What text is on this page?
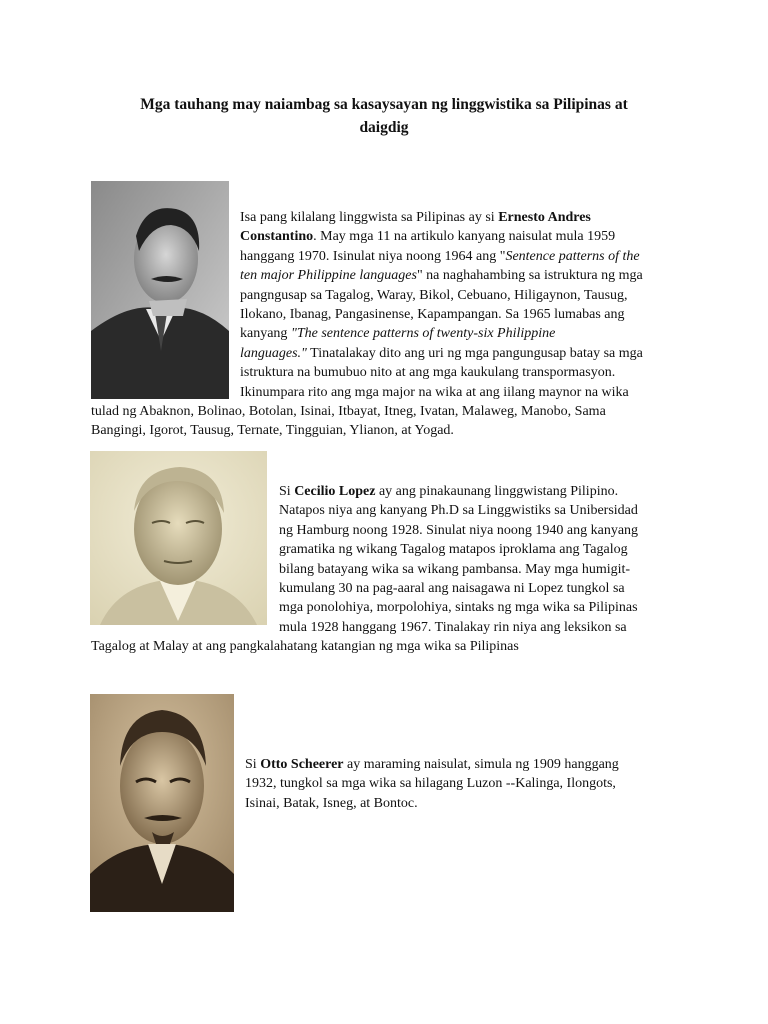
Mga tauhang may naiambag sa kasaysayan ng linggwistika sa Pilipinas at
daigdig
Isa pang kilalang linggwista sa Pilipinas ay si Ernesto Andres
Constantino. May mga 11 na artikulo kanyang naisulat mula 1959
hanggang 1970. Isinulat niya noong 1964 ang "Sentence patterns of the
ten major Philippine languages" na naghahambing sa istruktura ng mga
pangngusap sa Tagalog, Waray, Bikol, Cebuano, Hiligaynon, Tausug,
Ilokano, Ibanag, Pangasinense, Kapampangan. Sa 1965 lumabas ang
kanyang "The sentence patterns of twenty-six Philippine
languages." Tinatalakay dito ang uri ng mga pangungusap batay sa mga
istruktura na bumubuo nito at ang mga kaukulang transpormasyon.
Ikinumpara rito ang mga major na wika at ang iilang maynor na wika
tulad ng Abaknon, Bolinao, Botolan, Isinai, Itbayat, Itneg, Ivatan, Malaweg, Manobo, Sama
Bangingi, Igorot, Tausug, Ternate, Tingguian, Ylianon, at Yogad.
Si Cecilio Lopez ay ang pinakaunang linggwistang Pilipino.
Natapos niya ang kanyang Ph.D sa Linggwistiks sa Unibersidad
ng Hamburg noong 1928. Sinulat niya noong 1940 ang kanyang
gramatika ng wikang Tagalog matapos iproklama ang Tagalog
bilang batayang wika sa wikang pambansa. May mga humigit-
kumulang 30 na pag-aaral ang naisagawa ni Lopez tungkol sa
mga ponolohiya, morpolohiya, sintaks ng mga wika sa Pilipinas
mula 1928 hanggang 1967. Tinalakay rin niya ang leksikon sa
Tagalog at Malay at ang pangkalahatang katangian ng mga wika sa Pilipinas
Si Otto Scheerer ay maraming naisulat, simula ng 1909 hanggang
1932, tungkol sa mga wika sa hilagang Luzon --Kalinga, Ilongots,
Isinai, Batak, Isneg, at Bontoc.
